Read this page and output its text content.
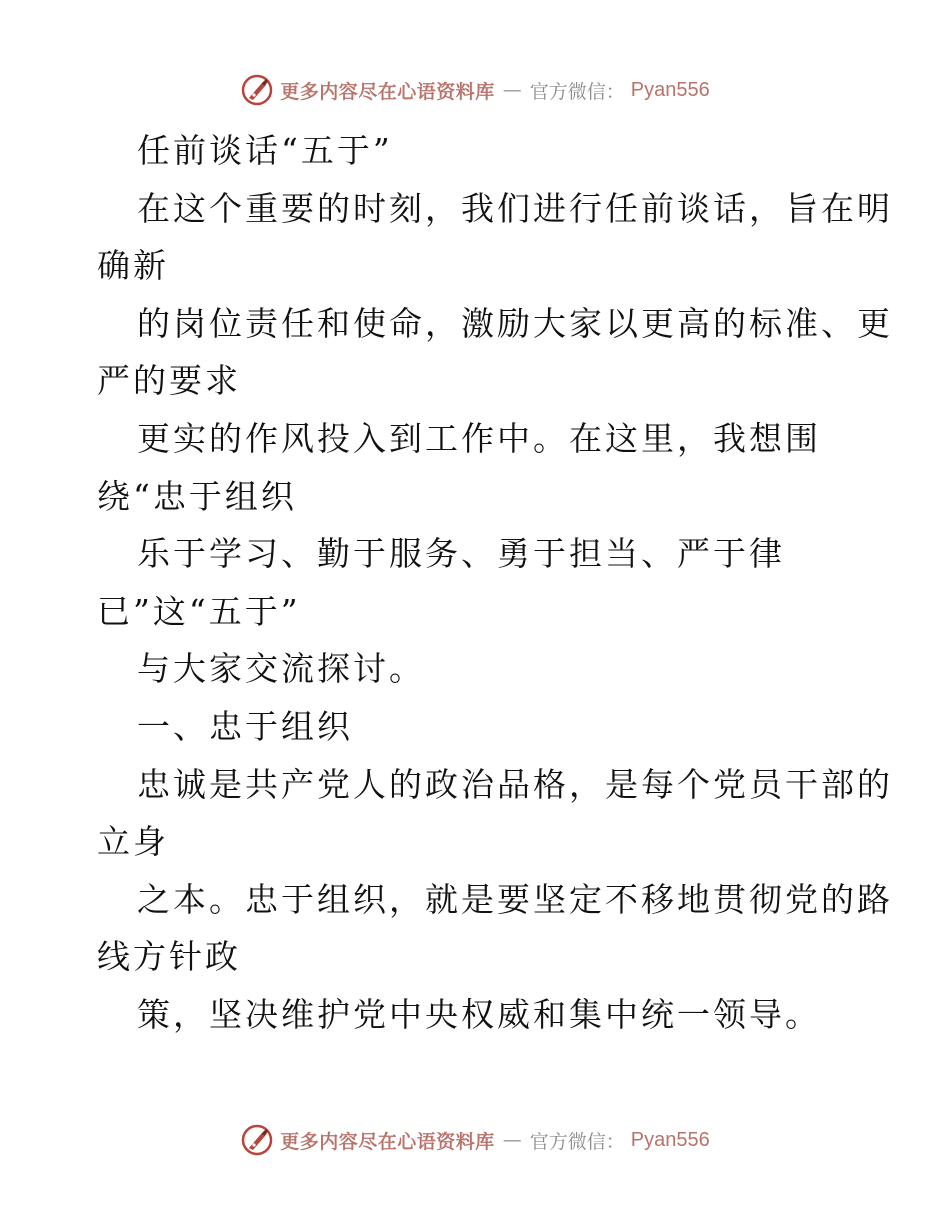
更多内容尽在心语资料库 — 官方微信： Pyan556
任前谈话“五于”
在这个重要的时刻，我们进行任前谈话，旨在明
确新
的岗位责任和使命，激励大家以更高的标准、更
严的要求
更实的作风投入到工作中。在这里，我想围
绕“忠于组织
乐于学习、勤于服务、勇于担当、严于律
已”这“五于”
与大家交流探讨。
一、忠于组织
忠诚是共产党人的政治品格，是每个党员干部的
立身
之本。忠于组织，就是要坚定不移地贯彻党的路
线方针政
策，坚决维护党中央权威和集中统一领导。
更多内容尽在心语资料库 — 官方微信： Pyan556
